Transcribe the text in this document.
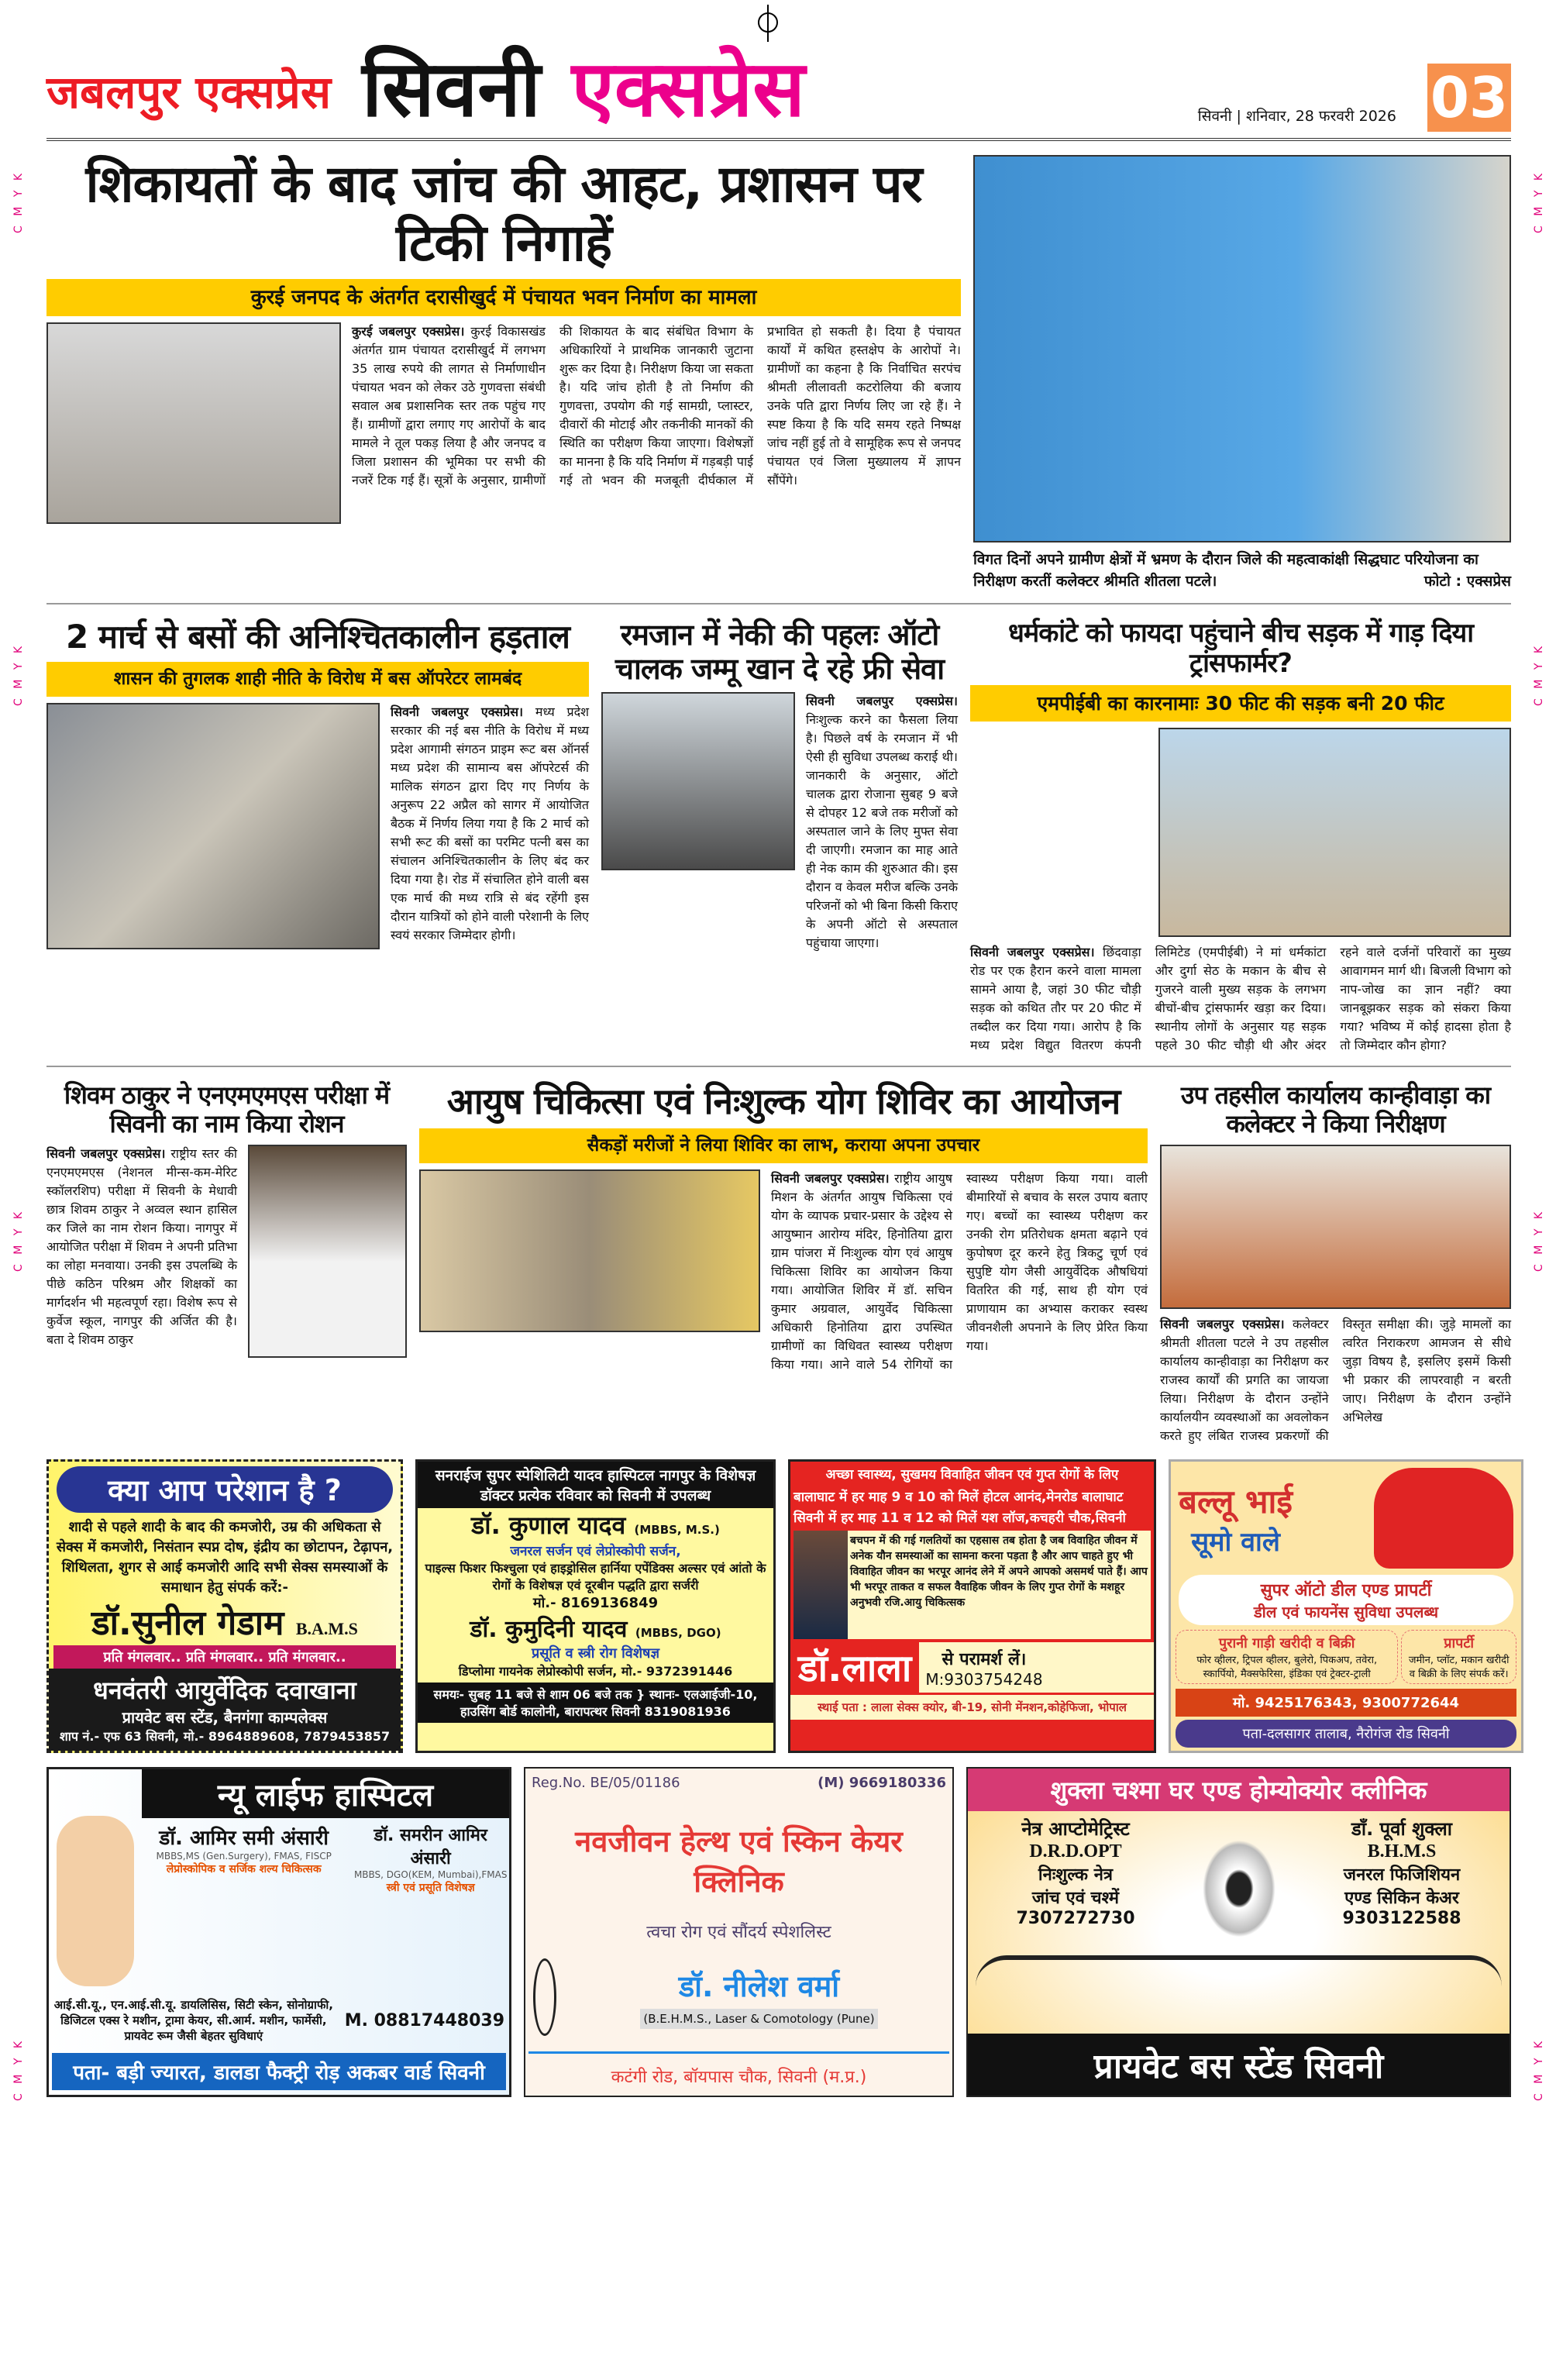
C M Y K
C M Y K
C M Y K
C M Y K
C M Y K
C M Y K
C M Y K
C M Y K
जबलपुर एक्सप्रेस सिवनी एक्सप्रेस	सिवनी | शनिवार, 28 फरवरी 2026 03
शिकायतों के बाद जांच की आहट, प्रशासन पर टिकी निगाहें
कुरई जनपद के अंतर्गत दरासीखुर्द में पंचायत भवन निर्माण का मामला
कुरई जबलपुर एक्सप्रेस। कुरई विकासखंड अंतर्गत ग्राम पंचायत दरासीखुर्द में लगभग 35 लाख रुपये की लागत से निर्माणाधीन पंचायत भवन को लेकर उठे गुणवत्ता संबंधी सवाल अब प्रशासनिक स्तर तक पहुंच गए हैं। ग्रामीणों द्वारा लगाए गए आरोपों के बाद मामले ने तूल पकड़ लिया है और जनपद व जिला प्रशासन की भूमिका पर सभी की नजरें टिक गई हैं। सूत्रों के अनुसार, ग्रामीणों की शिकायत के बाद संबंधित विभाग के अधिकारियों ने प्राथमिक जानकारी जुटाना शुरू कर दिया है। निरीक्षण किया जा सकता है। यदि जांच होती है तो निर्माण की गुणवत्ता, उपयोग की गई सामग्री, प्लास्टर, दीवारों की मोटाई और तकनीकी मानकों की स्थिति का परीक्षण किया जाएगा। विशेषज्ञों का मानना है कि यदि निर्माण में गड़बड़ी पाई गई तो भवन की मजबूती दीर्घकाल में प्रभावित हो सकती है। दिया है पंचायत कार्यों में कथित हस्तक्षेप के आरोपों ने। ग्रामीणों का कहना है कि निर्वाचित सरपंच श्रीमती लीलावती कटरोलिया की बजाय उनके पति द्वारा निर्णय लिए जा रहे हैं। ने स्पष्ट किया है कि यदि समय रहते निष्पक्ष जांच नहीं हुई तो वे सामूहिक रूप से जनपद पंचायत एवं जिला मुख्यालय में ज्ञापन सौंपेंगे।
विगत दिनों अपने ग्रामीण क्षेत्रों में भ्रमण के दौरान जिले की महत्वाकांक्षी सिद्धघाट परियोजना का निरीक्षण करतीं कलेक्टर श्रीमति शीतला पटले।	फोटो : एक्सप्रेस
2 मार्च से बसों की अनिश्चितकालीन हड़ताल
शासन की तुगलक शाही नीति के विरोध में बस ऑपरेटर लामबंद
सिवनी जबलपुर एक्सप्रेस। मध्य प्रदेश सरकार की नई बस नीति के विरोध में मध्य प्रदेश आगामी संगठन प्राइम रूट बस ऑनर्स मध्य प्रदेश की सामान्य बस ऑपरेटर्स की मालिक संगठन द्वारा दिए गए निर्णय के अनुरूप 22 अप्रैल को सागर में आयोजित बैठक में निर्णय लिया गया है कि 2 मार्च को सभी रूट की बसों का परमिट पत्नी बस का संचालन अनिश्चितकालीन के लिए बंद कर दिया गया है। रोड में संचालित होने वाली बस एक मार्च की मध्य रात्रि से बंद रहेंगी इस दौरान यात्रियों को होने वाली परेशानी के लिए स्वयं सरकार जिम्मेदार होगी।
रमजान में नेकी की पहलः ऑटो चालक जम्मू खान दे रहे फ्री सेवा
सिवनी जबलपुर एक्सप्रेस। निःशुल्क करने का फैसला लिया है। पिछले वर्ष के रमजान में भी ऐसी ही सुविधा उपलब्ध कराई थी। जानकारी के अनुसार, ऑटो चालक द्वारा रोजाना सुबह 9 बजे से दोपहर 12 बजे तक मरीजों को अस्पताल जाने के लिए मुफ्त सेवा दी जाएगी। रमजान का माह आते ही नेक काम की शुरुआत की। इस दौरान व केवल मरीज बल्कि उनके परिजनों को भी बिना किसी किराए के अपनी ऑटो से अस्पताल पहुंचाया जाएगा।
धर्मकांटे को फायदा पहुंचाने बीच सड़क में गाड़ दिया ट्रांसफार्मर?
एमपीईबी का कारनामाः 30 फीट की सड़क बनी 20 फीट
सिवनी जबलपुर एक्सप्रेस। छिंदवाड़ा रोड पर एक हैरान करने वाला मामला सामने आया है, जहां 30 फीट चौड़ी सड़क को कथित तौर पर 20 फीट में तब्दील कर दिया गया। आरोप है कि मध्य प्रदेश विद्युत वितरण कंपनी लिमिटेड (एमपीईबी) ने मां धर्मकांटा और दुर्गा सेठ के मकान के बीच से गुजरने वाली मुख्य सड़क के लगभग बीचों-बीच ट्रांसफार्मर खड़ा कर दिया। स्थानीय लोगों के अनुसार यह सड़क पहले 30 फीट चौड़ी थी और अंदर रहने वाले दर्जनों परिवारों का मुख्य आवागमन मार्ग थी। बिजली विभाग को नाप-जोख का ज्ञान नहीं? क्या जानबूझकर सड़क को संकरा किया गया? भविष्य में कोई हादसा होता है तो जिम्मेदार कौन होगा?
शिवम ठाकुर ने एनएमएमएस परीक्षा में सिवनी का नाम किया रोशन
सिवनी जबलपुर एक्सप्रेस। राष्ट्रीय स्तर की एनएमएमएस (नेशनल मीन्स-कम-मेरिट स्कॉलरशिप) परीक्षा में सिवनी के मेधावी छात्र शिवम ठाकुर ने अव्वल स्थान हासिल कर जिले का नाम रोशन किया। नागपुर में आयोजित परीक्षा में शिवम ने अपनी प्रतिभा का लोहा मनवाया। उनकी इस उपलब्धि के पीछे कठिन परिश्रम और शिक्षकों का मार्गदर्शन भी महत्वपूर्ण रहा। विशेष रूप से कुर्वेज स्कूल, नागपुर की अर्जित की है। बता दे शिवम ठाकुर
आयुष चिकित्सा एवं निःशुल्क योग शिविर का आयोजन
सैकड़ों मरीजों ने लिया शिविर का लाभ, कराया अपना उपचार
सिवनी जबलपुर एक्सप्रेस। राष्ट्रीय आयुष मिशन के अंतर्गत आयुष चिकित्सा एवं योग के व्यापक प्रचार-प्रसार के उद्देश्य से आयुष्मान आरोग्य मंदिर, हिनोतिया द्वारा ग्राम पांजरा में निःशुल्क योग एवं आयुष चिकित्सा शिविर का आयोजन किया गया। आयोजित शिविर में डॉ. सचिन कुमार अग्रवाल, आयुर्वेद चिकित्सा अधिकारी हिनोतिया द्वारा उपस्थित ग्रामीणों का विधिवत स्वास्थ्य परीक्षण किया गया। आने वाले 54 रोगियों का स्वास्थ्य परीक्षण किया गया। वाली बीमारियों से बचाव के सरल उपाय बताए गए। बच्चों का स्वास्थ्य परीक्षण कर उनकी रोग प्रतिरोधक क्षमता बढ़ाने एवं कुपोषण दूर करने हेतु त्रिकटु चूर्ण एवं सुपुष्टि योग जैसी आयुर्वेदिक औषधियां वितरित की गई, साथ ही योग एवं प्राणायाम का अभ्यास कराकर स्वस्थ जीवनशैली अपनाने के लिए प्रेरित किया गया।
उप तहसील कार्यालय कान्हीवाड़ा का कलेक्टर ने किया निरीक्षण
सिवनी जबलपुर एक्सप्रेस। कलेक्टर श्रीमती शीतला पटले ने उप तहसील कार्यालय कान्हीवाड़ा का निरीक्षण कर राजस्व कार्यों की प्रगति का जायजा लिया। निरीक्षण के दौरान उन्होंने कार्यालयीन व्यवस्थाओं का अवलोकन करते हुए लंबित राजस्व प्रकरणों की विस्तृत समीक्षा की। जुड़े मामलों का त्वरित निराकरण आमजन से सीधे जुड़ा विषय है, इसलिए इसमें किसी भी प्रकार की लापरवाही न बरती जाए। निरीक्षण के दौरान उन्होंने अभिलेख
क्या आप परेशान है ?
शादी से पहले शादी के बाद की कमजोरी, उम्र की अधिकता से सेक्स में कमजोरी, निसंतान स्पप्न दोष, इंद्रीय का छोटापन, टेढ़ापन, शिथिलता, शुगर से आई कमजोरी आदि सभी सेक्स समस्याओं के समाधान हेतु संपर्क करें:-
डॉ.सुनील गेडाम B.A.M.S
प्रति मंगलवार.. प्रति मंगलवार.. प्रति मंगलवार..
धनवंतरी आयुर्वेदिक दवाखाना
प्रायवेट बस स्टेंड, बैनगंगा काम्पलेक्स
शाप नं.- एफ 63 सिवनी, मो.- 8964889608, 7879453857
सनराईज सुपर स्पेशिलिटी यादव हास्पिटल नागपुर के विशेषज्ञ डॉक्टर प्रत्येक रविवार को सिवनी में उपलब्ध
डॉ. कुणाल यादव (MBBS, M.S.)
जनरल सर्जन एवं लेप्रोस्कोपी सर्जन,
पाइल्स फिशर फिश्चुला एवं हाइड्रोसिल हार्निया एपेंडिक्स अल्सर एवं आंतो के रोगों के विशेषज्ञ एवं दूरबीन पद्धति द्वारा सर्जरी
मो.- 8169136849
डॉ. कुमुदिनी यादव (MBBS, DGO)
प्रसूति व स्त्री रोग विशेषज्ञ
डिप्लोमा गायनेक लेप्रोस्कोपी सर्जन, मो.- 9372391446
समयः- सुबह 11 बजे से शाम 06 बजे तक } स्थानः- एलआईजी-10, हाउसिंग बोर्ड कालोनी, बारापत्थर सिवनी 8319081936
अच्छा स्वास्थ्य, सुखमय विवाहित जीवन एवं गुप्त रोगों के लिए
बालाघाट में हर माह 9 व 10 को मिलें होटल आनंद,मेनरोड बालाघाट
सिवनी में हर माह 11 व 12 को मिलें यश लॉज,कचहरी चौक,सिवनी
बचपन में की गई गलतियों का एहसास तब होता है जब विवाहित जीवन में अनेक यौन समस्याओं का सामना करना पड़ता है और आप चाहते हुए भी विवाहित जीवन का भरपूर आनंद लेने में अपने आपको असमर्थ पाते हैं। आप भी भरपूर ताकत व सफल वैवाहिक जीवन के लिए गुप्त रोगों के मशहूर अनुभवी रजि.आयु चिकित्सक
डॉ.लाला	से परामर्श लें।
M:9303754248
स्थाई पता : लाला सेक्स क्योर, बी-19, सोनी मेंनशन,कोहेफिजा, भोपाल
बल्लू भाई
सूमो वाले
सुपर ऑटो डील एण्ड प्रापर्टी
डील एवं फायनेंस सुविधा उपलब्ध
पुरानी गाड़ी खरीदी व बिक्री
फोर व्हीलर, ट्रिपल व्हीलर, बुलेरो, पिकअप, तवेरा, स्कार्पियो, मैक्सफेरिसा, इंडिका एवं ट्रेक्टर-ट्राली
प्रापर्टी
जमीन, प्लॉट, मकान खरीदी व बिक्री के लिए संपर्क करें।
मो. 9425176343, 9300772644
पता-दलसागर तालाब, नैरोगंज रोड सिवनी
न्यू लाईफ हास्पिटल
डॉ. आमिर समी अंसारी
MBBS,MS (Gen.Surgery), FMAS, FISCP
लेप्रोस्कोपिक व सर्जिक शल्य चिकित्सक
डॉ. समरीन आमिर अंसारी
MBBS, DGO(KEM, Mumbai),FMAS
स्त्री एवं प्रसूति विशेषज्ञ
आई.सी.यू., एन.आई.सी.यू. डायलिसिस, सिटी स्केन, सोनोग्राफी, डिजिटल एक्स रे मशीन, ट्रामा केयर, सी.आर्म. मशीन, फार्मेसी, प्रायवेट रूम जैसी बेहतर सुविधाएं
M. 08817448039
पता- बड़ी ज्यारत, डालडा फैक्ट्री रोड़ अकबर वार्ड सिवनी
Reg.No. BE/05/01186	(M) 9669180336
नवजीवन हेल्थ एवं स्किन केयर क्लिनिक
त्वचा रोग एवं सौंदर्य स्पेशलिस्ट
डॉ. नीलेश वर्मा
(B.E.H.M.S., Laser & Comotology (Pune)
कटंगी रोड, बॉयपास चौक, सिवनी (म.प्र.)
शुक्ला चश्मा घर एण्ड होम्योक्योर क्लीनिक
नेत्र आप्टोमेट्रिस्ट
D.R.D.OPT
निःशुल्क नेत्र
जांच एवं चश्में
7307272730
डॉं. पूर्वा शुक्ला
B.H.M.S
जनरल फिजिशियन
एण्ड सिकिन केअर
9303122588
प्रायवेट बस स्टेंड सिवनी
